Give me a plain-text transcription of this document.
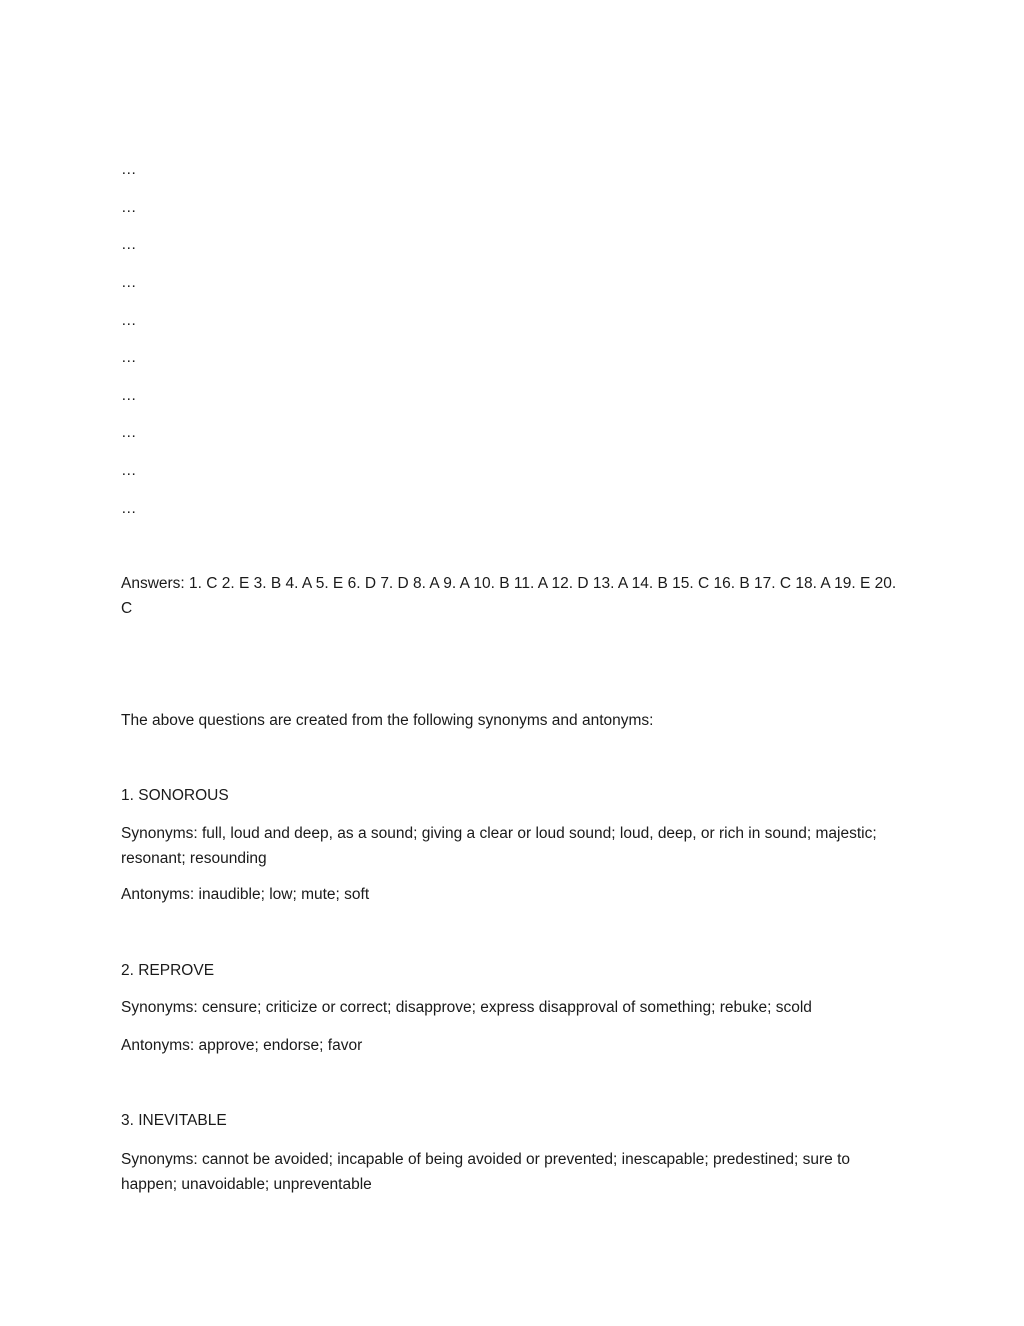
…
…
…
…
…
…
…
…
…
…
Answers: 1. C 2. E 3. B 4. A 5. E 6. D 7. D 8. A 9. A 10. B 11. A 12. D 13. A 14. B 15. C 16. B 17. C 18. A 19. E 20. C
The above questions are created from the following synonyms and antonyms:
1. SONOROUS
Synonyms: full, loud and deep, as a sound; giving a clear or loud sound; loud, deep, or rich in sound; majestic; resonant; resounding
Antonyms: inaudible; low; mute; soft
2. REPROVE
Synonyms: censure; criticize or correct; disapprove; express disapproval of something; rebuke; scold
Antonyms: approve; endorse; favor
3. INEVITABLE
Synonyms: cannot be avoided; incapable of being avoided or prevented; inescapable; predestined; sure to happen; unavoidable; unpreventable
